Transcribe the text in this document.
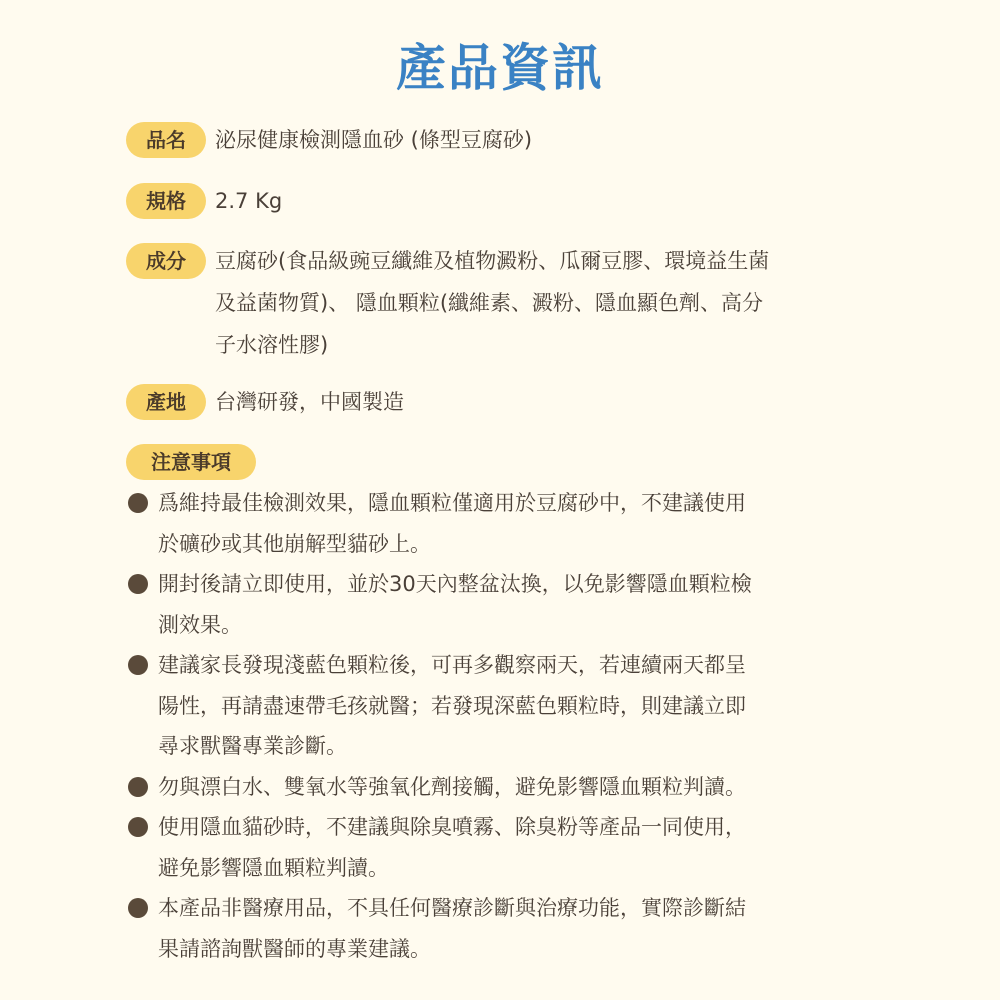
產品資訊
品名	泌尿健康檢測隱血砂 (條型豆腐砂)
規格	2.7 Kg
成分	豆腐砂(食品級豌豆纖維及植物澱粉、瓜爾豆膠、環境益生菌
及益菌物質)、 隱血顆粒(纖維素、澱粉、隱血顯色劑、高分
子水溶性膠)
產地	台灣研發，中國製造
注意事項
爲維持最佳檢測效果，隱血顆粒僅適用於豆腐砂中，不建議使用
於礦砂或其他崩解型貓砂上。
開封後請立即使用，並於30天內整盆汰換，以免影響隱血顆粒檢
測效果。
建議家長發現淺藍色顆粒後，可再多觀察兩天，若連續兩天都呈
陽性，再請盡速帶毛孩就醫；若發現深藍色顆粒時，則建議立即
尋求獸醫專業診斷。
勿與漂白水、雙氧水等強氧化劑接觸，避免影響隱血顆粒判讀。
使用隱血貓砂時，不建議與除臭噴霧、除臭粉等產品一同使用，
避免影響隱血顆粒判讀。
本產品非醫療用品，不具任何醫療診斷與治療功能，實際診斷結
果請諮詢獸醫師的專業建議。
